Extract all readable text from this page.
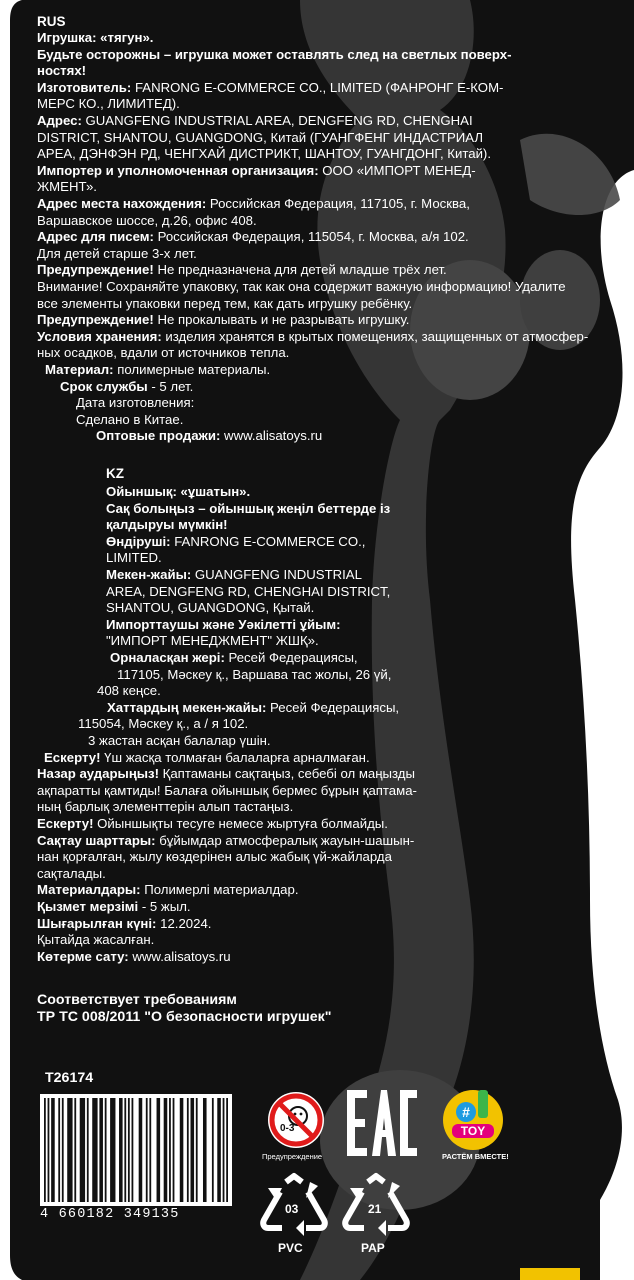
RUS
Игрушка: «тягун».
Будьте осторожны – игрушка может оставлять след на светлых поверх-
ностях!
Изготовитель: FANRONG E-COMMERCE CO., LIMITED (ФАНРОНГ Е-КОМ-
МЕРС КО., ЛИМИТЕД).
Адрес: GUANGFENG INDUSTRIAL AREA, DENGFENG RD, CHENGHAI
DISTRICT, SHANTOU, GUANGDONG, Китай (ГУАНГФЕНГ ИНДАСТРИАЛ
АРЕА, ДЭНФЭН РД, ЧЕНГХАЙ ДИСТРИКТ, ШАНТОУ, ГУАНГДОНГ, Китай).
Импортер и уполномоченная организация: ООО «ИМПОРТ МЕНЕД-
ЖМЕНТ».
Адрес места нахождения: Российская Федерация, 117105, г. Москва,
Варшавское шоссе, д.26, офис 408.
Адрес для писем: Российская Федерация, 115054, г. Москва, а/я 102.
Для детей старше 3-х лет.
Предупреждение! Не предназначена для детей младше трёх лет.
Внимание! Сохраняйте упаковку, так как она содержит важную информацию! Удалите
все элементы упаковки перед тем, как дать игрушку ребёнку.
Предупреждение! Не прокалывать и не разрывать игрушку.
Условия хранения: изделия хранятся в крытых помещениях, защищенных от атмосфер-
ных осадков, вдали от источников тепла.
Материал: полимерные материалы.
Срок службы - 5 лет.
Дата изготовления:
Сделано в Китае.
Оптовые продажи: www.alisatoys.ru
KZ
Ойыншық: «ұшатын».
Сақ болыңыз – ойыншық жеңіл беттерде із
қалдыруы мүмкін!
Өндіруші: FANRONG E-COMMERCE CO.,
LIMITED.
Мекен-жайы: GUANGFENG INDUSTRIAL
AREA, DENGFENG RD, CHENGHAI DISTRICT,
SHANTOU, GUANGDONG, Қытай.
Импорттаушы және Уәкілетті ұйым:
"ИМПОРТ МЕНЕДЖМЕНТ" ЖШҚ».
Орналасқан жері: Ресей Федерациясы,
117105, Мәскеу қ., Варшава тас жолы, 26 үй,
408 кеңсе.
Хаттардың мекен-жайы: Ресей Федерациясы,
115054, Мәскеу қ., а / я 102.
3 жастан асқан балалар үшін.
Ескерту! Үш жасқа толмаған балаларға арналмаған.
Назар аударыңыз! Қаптаманы сақтаңыз, себебі ол маңызды
ақпаратты қамтиды! Балаға ойыншық бермес бұрын қаптама-
ның барлық элементтерін алып тастаңыз.
Ескерту! Ойыншықты тесуге немесе жыртуға болмайды.
Сақтау шарттары: бұйымдар атмосфералық жауын-шашын-
нан қорғалған, жылу көздерінен алыс жабық үй-жайларда
сақталады.
Материалдары: Полимерлі материалдар.
Қызмет мерзімі - 5 жыл.
Шығарылған күні: 12.2024.
Қытайда жасалған.
Көтерме сату: www.alisatoys.ru
Соответствует требованиям
ТР ТС 008/2011 "О безопасности игрушек"
T26174
4 660182 349135
0-3
Предупреждение
TOY
#
РАСТЁМ ВМЕСТЕ!
03
PVC
21
PAP
